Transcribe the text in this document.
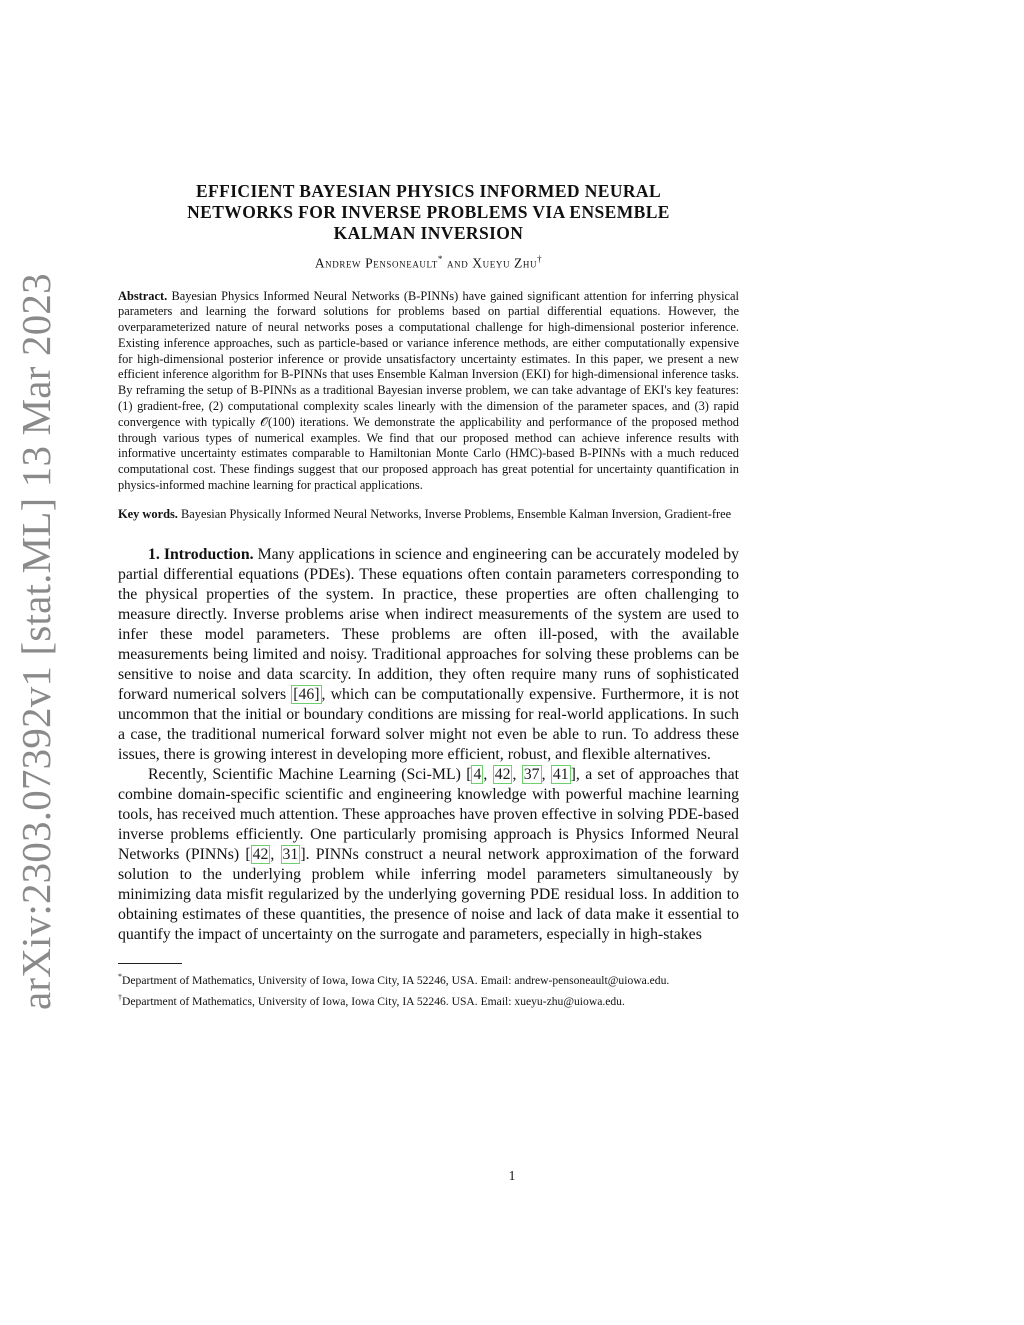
arXiv:2303.07392v1 [stat.ML] 13 Mar 2023
EFFICIENT BAYESIAN PHYSICS INFORMED NEURAL
NETWORKS FOR INVERSE PROBLEMS VIA ENSEMBLE
KALMAN INVERSION
Andrew Pensoneault* and Xueyu Zhu†

Abstract. Bayesian Physics Informed Neural Networks (B-PINNs) have gained significant attention for inferring physical parameters and learning the forward solutions for problems based on partial differential equations. However, the overparameterized nature of neural networks poses a computational challenge for high-dimensional posterior inference. Existing inference approaches, such as particle-based or variance inference methods, are either computationally expensive for high-dimensional posterior inference or provide unsatisfactory uncertainty estimates. In this paper, we present a new efficient inference algorithm for B-PINNs that uses Ensemble Kalman Inversion (EKI) for high-dimensional inference tasks. By reframing the setup of B-PINNs as a traditional Bayesian inverse problem, we can take advantage of EKI's key features: (1) gradient-free, (2) computational complexity scales linearly with the dimension of the parameter spaces, and (3) rapid convergence with typically 𝒪(100) iterations. We demonstrate the applicability and performance of the proposed method through various types of numerical examples. We find that our proposed method can achieve inference results with informative uncertainty estimates comparable to Hamiltonian Monte Carlo (HMC)-based B-PINNs with a much reduced computational cost. These findings suggest that our proposed approach has great potential for uncertainty quantification in physics-informed machine learning for practical applications.

Key words. Bayesian Physically Informed Neural Networks, Inverse Problems, Ensemble Kalman Inversion, Gradient-free

1. Introduction. Many applications in science and engineering can be accurately modeled by partial differential equations (PDEs). These equations often contain parameters corresponding to the physical properties of the system. In practice, these properties are often challenging to measure directly. Inverse problems arise when indirect measurements of the system are used to infer these model parameters. These problems are often ill-posed, with the available measurements being limited and noisy. Traditional approaches for solving these problems can be sensitive to noise and data scarcity. In addition, they often require many runs of sophisticated forward numerical solvers [46] , which can be computationally expensive. Furthermore, it is not uncommon that the initial or boundary conditions are missing for real-world applications. In such a case, the traditional numerical forward solver might not even be able to run. To address these issues, there is growing interest in developing more efficient, robust, and flexible alternatives.

Recently, Scientific Machine Learning (Sci-ML) [ 4 , 42 , 37 , 41 ], a set of approaches that combine domain-specific scientific and engineering knowledge with powerful machine learning tools, has received much attention. These approaches have proven effective in solving PDE-based inverse problems efficiently. One particularly promising approach is Physics Informed Neural Networks (PINNs) [ 42 , 31 ]. PINNs construct a neural network approximation of the forward solution to the underlying problem while inferring model parameters simultaneously by minimizing data misfit regularized by the underlying governing PDE residual loss. In addition to obtaining estimates of these quantities, the presence of noise and lack of data make it essential to quantify the impact of uncertainty on the surrogate and parameters, especially in high-stakes

*Department of Mathematics, University of Iowa, Iowa City, IA 52246, USA. Email: andrew-pensoneault@uiowa.edu.

†Department of Mathematics, University of Iowa, Iowa City, IA 52246. USA. Email: xueyu-zhu@uiowa.edu.

1
